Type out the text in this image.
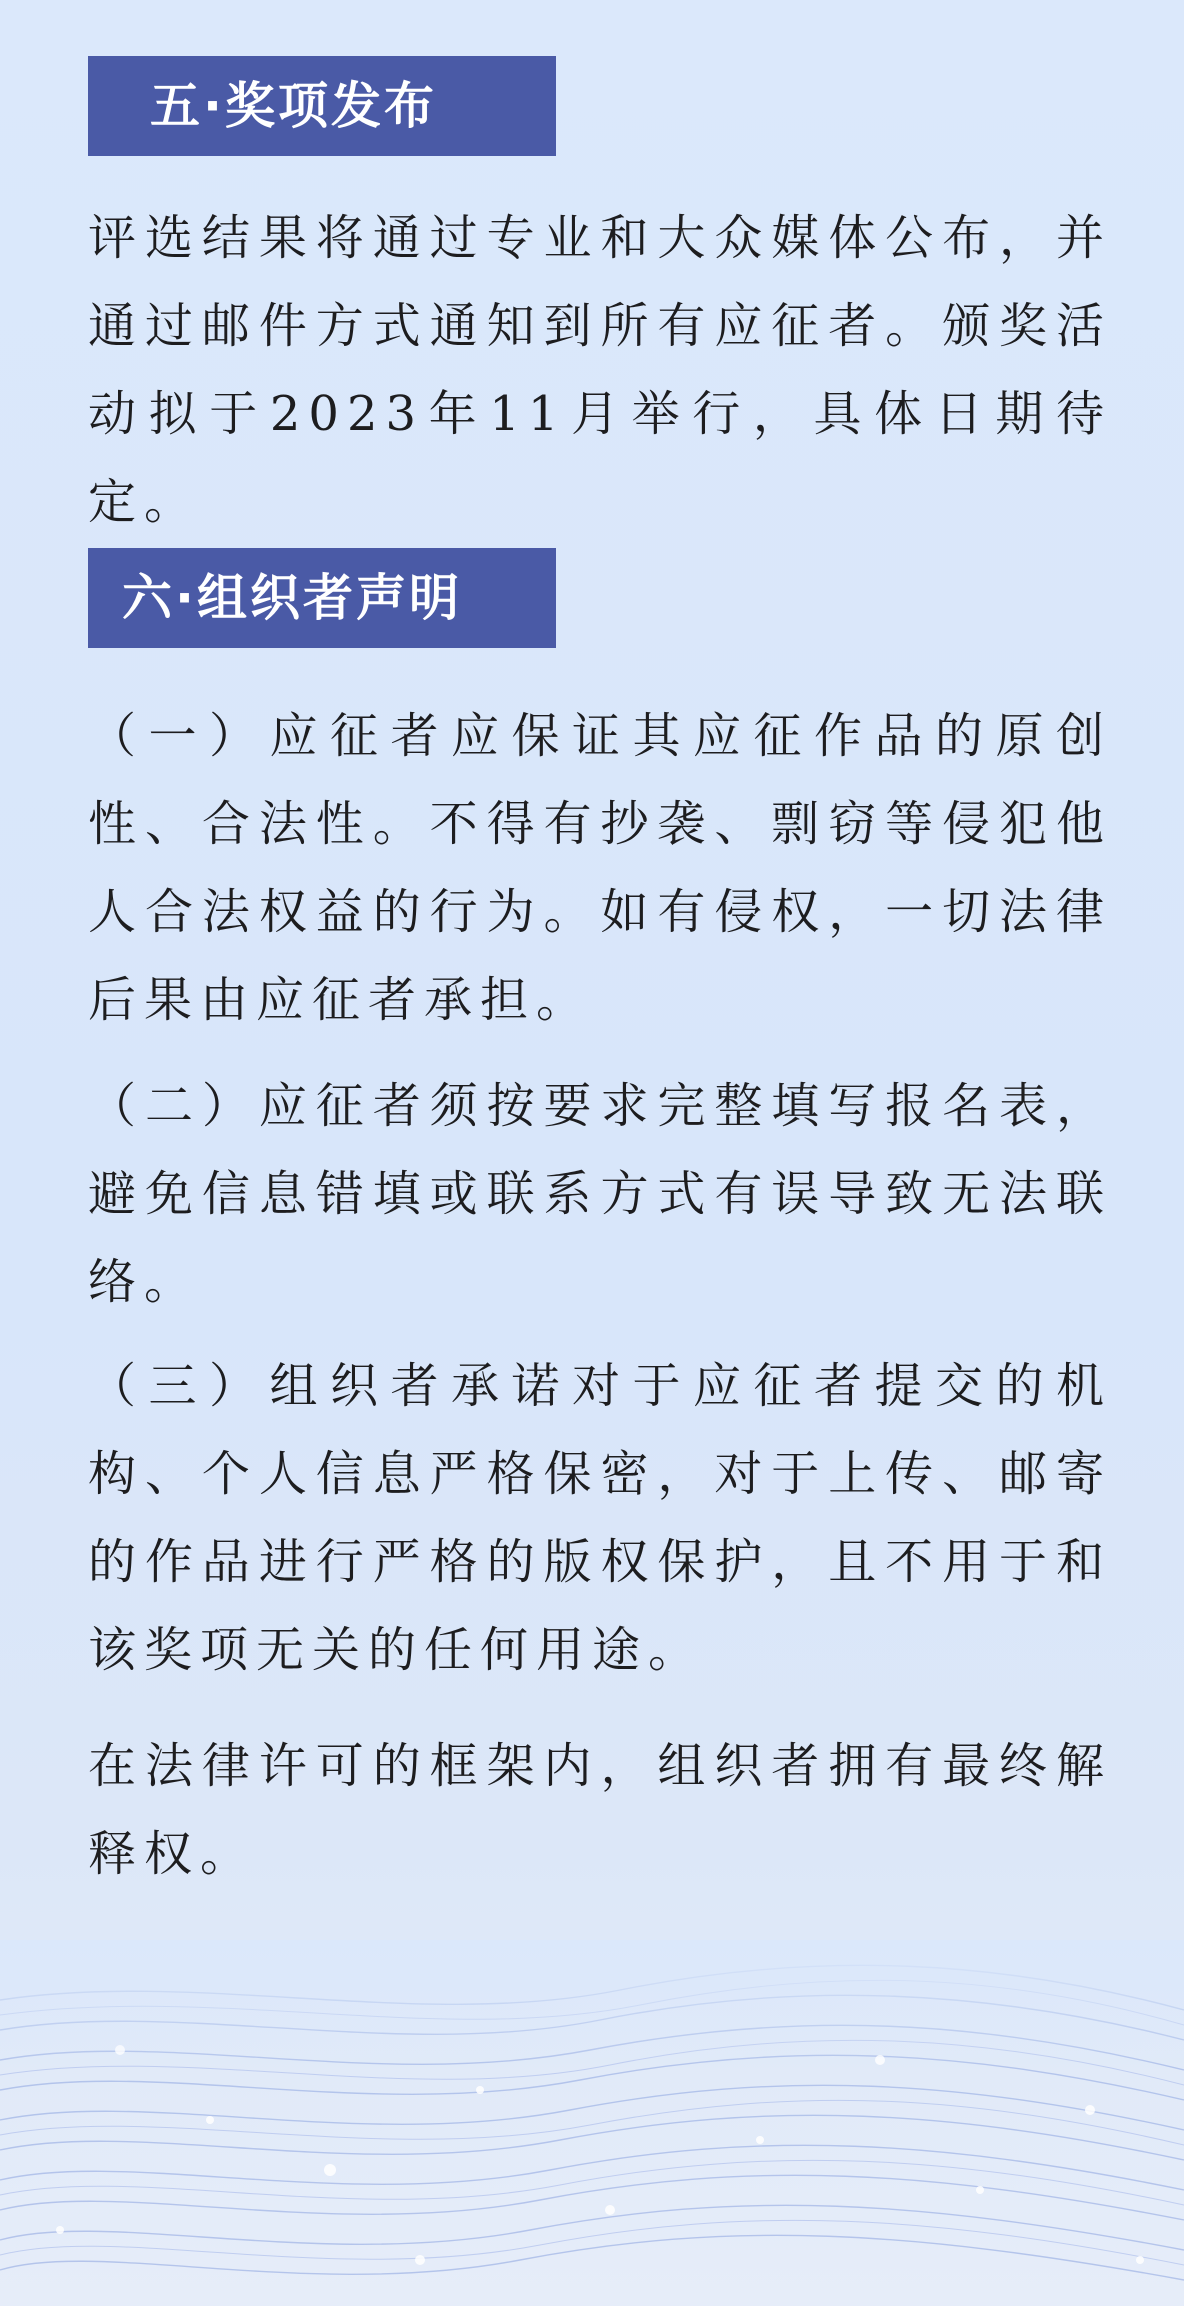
五·奖项发布

评选结果将通过专业和大众媒体公布，并通过邮件方式通知到所有应征者。颁奖活动拟于2023年11月举行，具体日期待定。

六·组织者声明

（一）应征者应保证其应征作品的原创性、合法性。不得有抄袭、剽窃等侵犯他人合法权益的行为。如有侵权，一切法律后果由应征者承担。

（二）应征者须按要求完整填写报名表，避免信息错填或联系方式有误导致无法联络。

（三）组织者承诺对于应征者提交的机构、个人信息严格保密，对于上传、邮寄的作品进行严格的版权保护，且不用于和该奖项无关的任何用途。

在法律许可的框架内，组织者拥有最终解释权。
